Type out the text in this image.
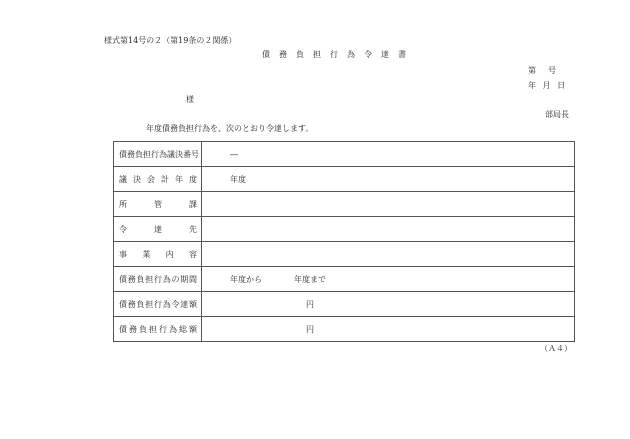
様式第14号の２（第19条の２関係）
債務負担行為令達書
第　号
年 月 日
様
部局長
年度債務負担行為を、次のとおり令達します。
債務負担行為議決番号	―
議決会計年度	年度
所管課	
令達先	
事業内容	
債務負担行為の期間	年度から 年度まで
債務負担行為令達額	円
債務負担行為総額	円
（Ａ４）
